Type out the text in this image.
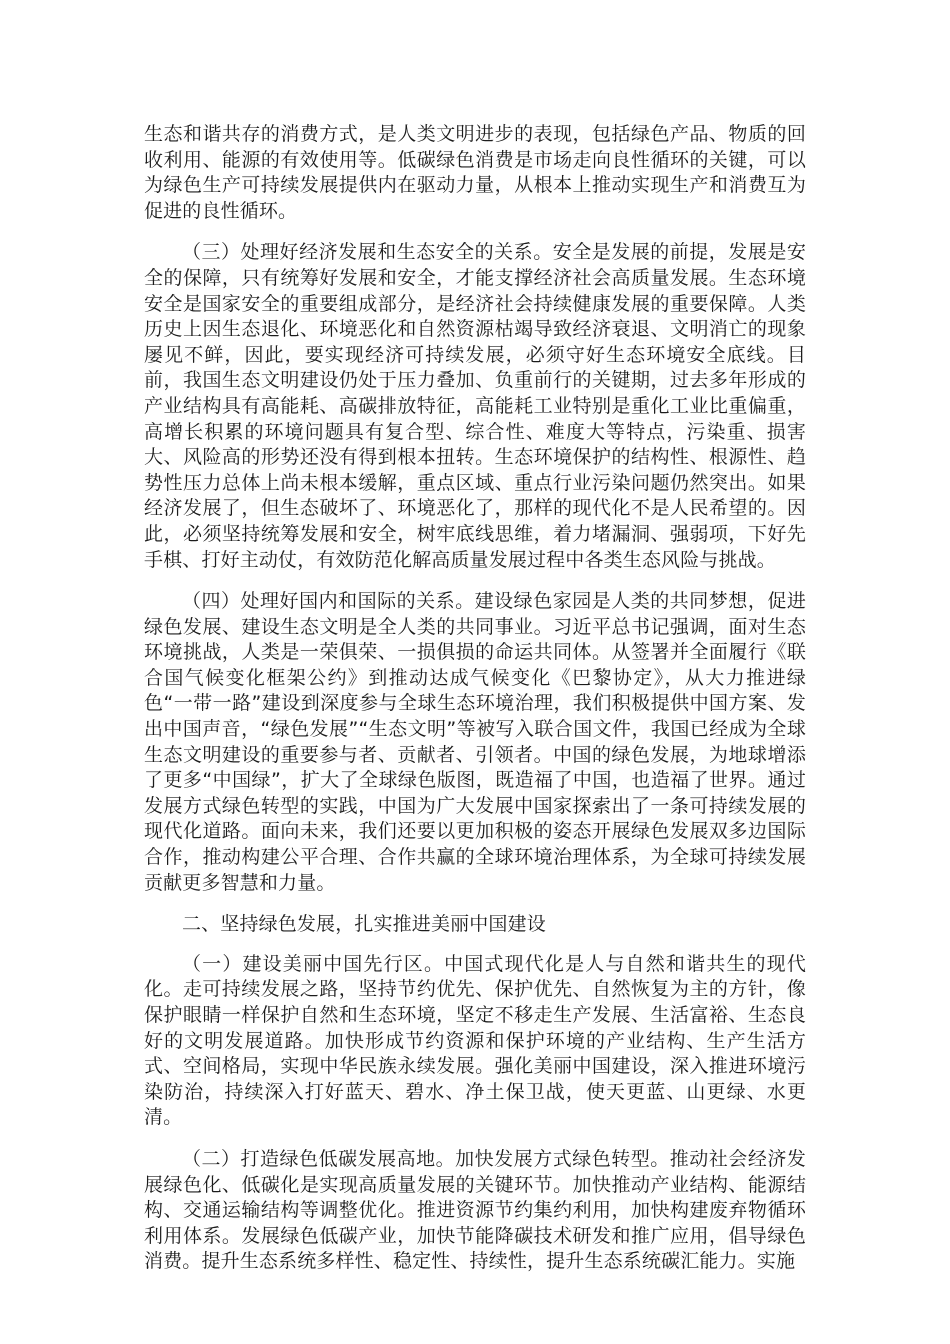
生态和谐共存的消费方式，是人类文明进步的表现，包括绿色产品、物质的回收利用、能源的有效使用等。低碳绿色消费是市场走向良性循环的关键，可以为绿色生产可持续发展提供内在驱动力量，从根本上推动实现生产和消费互为促进的良性循环。

（三）处理好经济发展和生态安全的关系。安全是发展的前提，发展是安全的保障，只有统筹好发展和安全，才能支撑经济社会高质量发展。生态环境安全是国家安全的重要组成部分，是经济社会持续健康发展的重要保障。人类历史上因生态退化、环境恶化和自然资源枯竭导致经济衰退、文明消亡的现象屡见不鲜，因此，要实现经济可持续发展，必须守好生态环境安全底线。目前，我国生态文明建设仍处于压力叠加、负重前行的关键期，过去多年形成的产业结构具有高能耗、高碳排放特征，高能耗工业特别是重化工业比重偏重，高增长积累的环境问题具有复合型、综合性、难度大等特点，污染重、损害大、风险高的形势还没有得到根本扭转。生态环境保护的结构性、根源性、趋势性压力总体上尚未根本缓解，重点区域、重点行业污染问题仍然突出。如果经济发展了，但生态破坏了、环境恶化了，那样的现代化不是人民希望的。因此，必须坚持统筹发展和安全，树牢底线思维，着力堵漏洞、强弱项，下好先手棋、打好主动仗，有效防范化解高质量发展过程中各类生态风险与挑战。

（四）处理好国内和国际的关系。建设绿色家园是人类的共同梦想，促进绿色发展、建设生态文明是全人类的共同事业。习近平总书记强调，面对生态环境挑战，人类是一荣俱荣、一损俱损的命运共同体。从签署并全面履行《联合国气候变化框架公约》到推动达成气候变化《巴黎协定》，从大力推进绿色“一带一路”建设到深度参与全球生态环境治理，我们积极提供中国方案、发出中国声音，“绿色发展”“生态文明”等被写入联合国文件，我国已经成为全球生态文明建设的重要参与者、贡献者、引领者。中国的绿色发展，为地球增添了更多“中国绿”，扩大了全球绿色版图，既造福了中国，也造福了世界。通过发展方式绿色转型的实践，中国为广大发展中国家探索出了一条可持续发展的现代化道路。面向未来，我们还要以更加积极的姿态开展绿色发展双多边国际合作，推动构建公平合理、合作共赢的全球环境治理体系，为全球可持续发展贡献更多智慧和力量。

二、坚持绿色发展，扎实推进美丽中国建设

（一）建设美丽中国先行区。中国式现代化是人与自然和谐共生的现代化。走可持续发展之路，坚持节约优先、保护优先、自然恢复为主的方针，像保护眼睛一样保护自然和生态环境，坚定不移走生产发展、生活富裕、生态良好的文明发展道路。加快形成节约资源和保护环境的产业结构、生产生活方式、空间格局，实现中华民族永续发展。强化美丽中国建设，深入推进环境污染防治，持续深入打好蓝天、碧水、净土保卫战，使天更蓝、山更绿、水更清。

（二）打造绿色低碳发展高地。加快发展方式绿色转型。推动社会经济发展绿色化、低碳化是实现高质量发展的关键环节。加快推动产业结构、能源结构、交通运输结构等调整优化。推进资源节约集约利用，加快构建废弃物循环利用体系。发展绿色低碳产业，加快节能降碳技术研发和推广应用，倡导绿色消费。提升生态系统多样性、稳定性、持续性，提升生态系统碳汇能力。实施
